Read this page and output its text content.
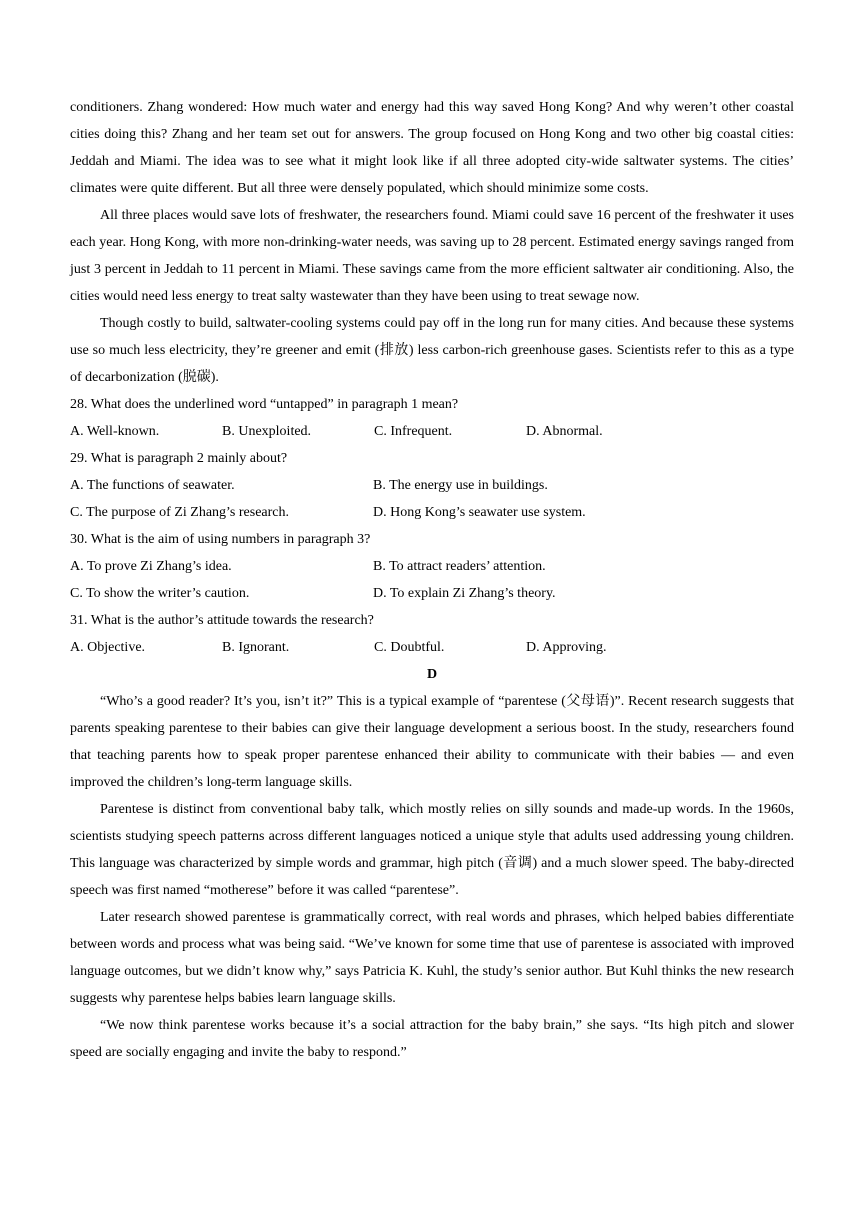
conditioners. Zhang wondered: How much water and energy had this way saved Hong Kong? And why weren’t other coastal cities doing this? Zhang and her team set out for answers. The group focused on Hong Kong and two other big coastal cities: Jeddah and Miami. The idea was to see what it might look like if all three adopted city-wide saltwater systems. The cities’ climates were quite different. But all three were densely populated, which should minimize some costs.

All three places would save lots of freshwater, the researchers found. Miami could save 16 percent of the freshwater it uses each year. Hong Kong, with more non-drinking-water needs, was saving up to 28 percent. Estimated energy savings ranged from just 3 percent in Jeddah to 11 percent in Miami. These savings came from the more efficient saltwater air conditioning. Also, the cities would need less energy to treat salty wastewater than they have been using to treat sewage now.

Though costly to build, saltwater-cooling systems could pay off in the long run for many cities. And because these systems use so much less electricity, they’re greener and emit (排放) less carbon-rich greenhouse gases. Scientists refer to this as a type of decarbonization (脱碳).

28. What does the underlined word “untapped” in paragraph 1 mean?

A. Well-known.	B. Unexploited.	C. Infrequent.	D. Abnormal.

29. What is paragraph 2 mainly about?

A. The functions of seawater.	B. The energy use in buildings.
C. The purpose of Zi Zhang’s research.	D. Hong Kong’s seawater use system.

30. What is the aim of using numbers in paragraph 3?

A. To prove Zi Zhang’s idea.	B. To attract readers’ attention.
C. To show the writer’s caution.	D. To explain Zi Zhang’s theory.

31. What is the author’s attitude towards the research?

A. Objective.	B. Ignorant.	C. Doubtful.	D. Approving.

D

“Who’s a good reader? It’s you, isn’t it?” This is a typical example of “parentese (父母语)”. Recent research suggests that parents speaking parentese to their babies can give their language development a serious boost. In the study, researchers found that teaching parents how to speak proper parentese enhanced their ability to communicate with their babies — and even improved the children’s long-term language skills.

Parentese is distinct from conventional baby talk, which mostly relies on silly sounds and made-up words. In the 1960s, scientists studying speech patterns across different languages noticed a unique style that adults used addressing young children. This language was characterized by simple words and grammar, high pitch (音调) and a much slower speed. The baby-directed speech was first named “motherese” before it was called “parentese”.

Later research showed parentese is grammatically correct, with real words and phrases, which helped babies differentiate between words and process what was being said. “We’ve known for some time that use of parentese is associated with improved language outcomes, but we didn’t know why,” says Patricia K. Kuhl, the study’s senior author. But Kuhl thinks the new research suggests why parentese helps babies learn language skills.

“We now think parentese works because it’s a social attraction for the baby brain,” she says. “Its high pitch and slower speed are socially engaging and invite the baby to respond.”
